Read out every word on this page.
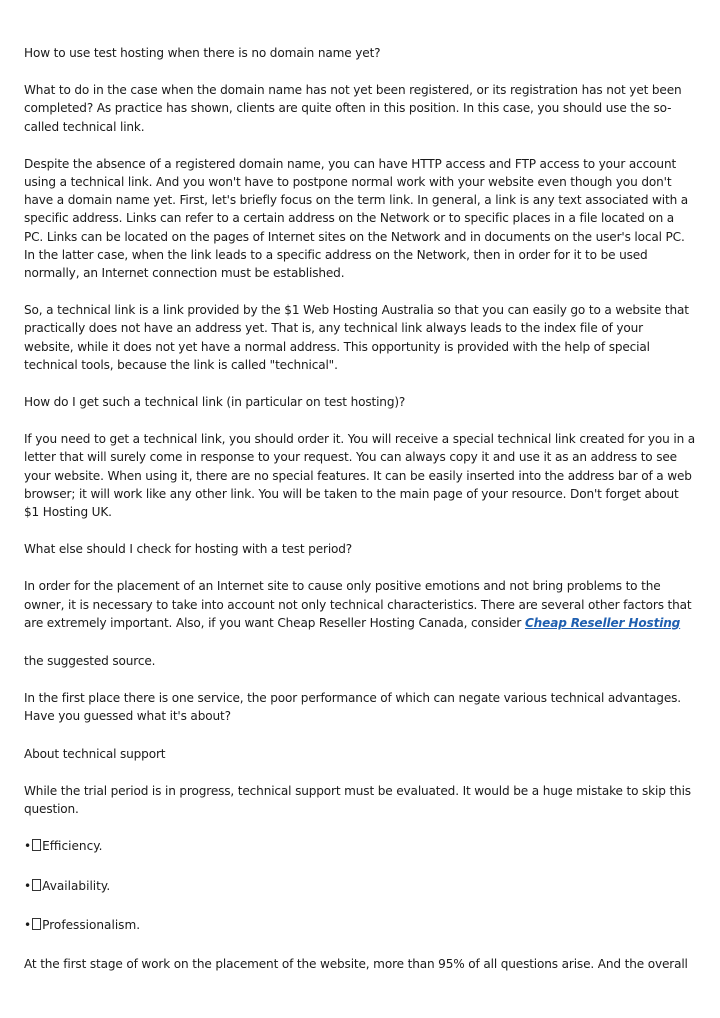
How to use test hosting when there is no domain name yet?

What to do in the case when the domain name has not yet been registered, or its registration has not yet been completed? As practice has shown, clients are quite often in this position. In this case, you should use the so-called technical link.

Despite the absence of a registered domain name, you can have HTTP access and FTP access to your account using a technical link. And you won't have to postpone normal work with your website even though you don't have a domain name yet. First, let's briefly focus on the term link. In general, a link is any text associated with a specific address. Links can refer to a certain address on the Network or to specific places in a file located on a PC. Links can be located on the pages of Internet sites on the Network and in documents on the user's local PC. In the latter case, when the link leads to a specific address on the Network, then in order for it to be used normally, an Internet connection must be established.

So, a technical link is a link provided by the $1 Web Hosting Australia so that you can easily go to a website that practically does not have an address yet. That is, any technical link always leads to the index file of your website, while it does not yet have a normal address. This opportunity is provided with the help of special technical tools, because the link is called "technical".

How do I get such a technical link (in particular on test hosting)?

If you need to get a technical link, you should order it. You will receive a special technical link created for you in a letter that will surely come in response to your request. You can always copy it and use it as an address to see your website. When using it, there are no special features. It can be easily inserted into the address bar of a web browser; it will work like any other link. You will be taken to the main page of your resource. Don't forget about $1 Hosting UK.

What else should I check for hosting with a test period?

In order for the placement of an Internet site to cause only positive emotions and not bring problems to the owner, it is necessary to take into account not only technical characteristics. There are several other factors that are extremely important. Also, if you want Cheap Reseller Hosting Canada, consider Cheap Reseller Hosting

the suggested source.

In the first place there is one service, the poor performance of which can negate various technical advantages. Have you guessed what it's about?

About technical support

While the trial period is in progress, technical support must be evaluated. It would be a huge mistake to skip this question.

• Efficiency.

• Availability.

• Professionalism.

At the first stage of work on the placement of the website, more than 95% of all questions arise. And the overall
